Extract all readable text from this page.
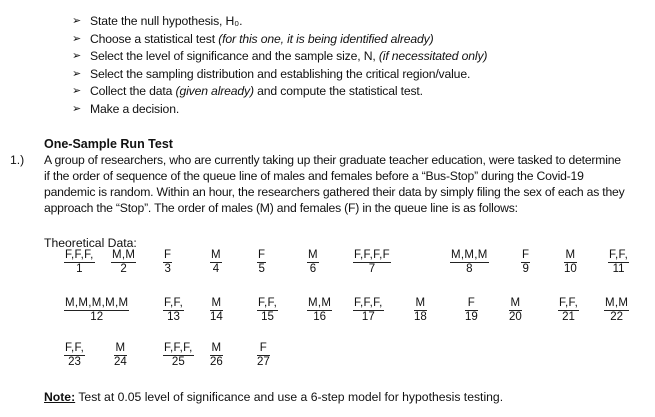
➢ State the null hypothesis, H₀.
➢ Choose a statistical test (for this one, it is being identified already)
➢ Select the level of significance and the sample size, N, (if necessitated only)
➢ Select the sampling distribution and establishing the critical region/value.
➢ Collect the data (given already) and compute the statistical test.
➢ Make a decision.
One-Sample Run Test
1.) A group of researchers, who are currently taking up their graduate teacher education, were tasked to determine
if the order of sequence of the queue line of males and females before a “Bus-Stop” during the Covid-19
pandemic is random. Within an hour, the researchers gathered their data by simply filing the sex of each as they
approach the “Stop”. The order of males (M) and females (F) in the queue line is as follows:
Theoretical Data:
F,F,F,
1
M,M
2
F
3
M
4
F
5
M
6
F,F,F,F
7
M,M,M
8
F
9
M
10
F,F,
11
M,M,M,M,M
12
F,F,
13
M
14
F,F,
15
M,M
16
F,F,F,
17
M
18
F
19
M
20
F,F,
21
M,M
22
F,F,
23
M
24
F,F,F,
25
M
26
F
27
Note: Test at 0.05 level of significance and use a 6-step model for hypothesis testing.
